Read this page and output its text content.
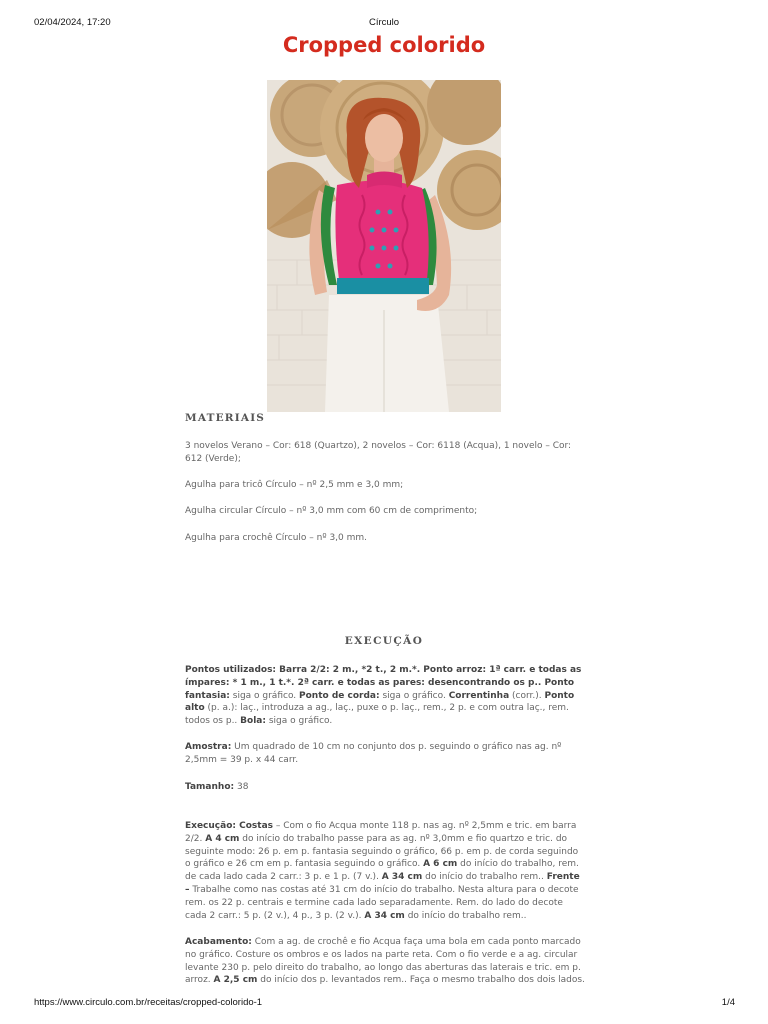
02/04/2024, 17:20	Círculo
Cropped colorido
MATERIAIS

3 novelos Verano – Cor: 618 (Quartzo), 2 novelos – Cor: 6118 (Acqua), 1 novelo – Cor: 612 (Verde);

Agulha para tricô Círculo – nº 2,5 mm e 3,0 mm;

Agulha circular Círculo – nº 3,0 mm com 60 cm de comprimento;

Agulha para crochê Círculo – nº 3,0 mm.

EXECUÇÃO

Pontos utilizados: Barra 2/2: 2 m., *2 t., 2 m.*. Ponto arroz: 1ª carr. e todas as ímpares: * 1 m., 1 t.*. 2ª carr. e todas as pares: desencontrando os p.. Ponto fantasia: siga o gráfico. Ponto de corda: siga o gráfico. Correntinha (corr.). Ponto alto (p. a.): laç., introduza a ag., laç., puxe o p. laç., rem., 2 p. e com outra laç., rem. todos os p.. Bola: siga o gráfico.

Amostra: Um quadrado de 10 cm no conjunto dos p. seguindo o gráfico nas ag. nº 2,5mm = 39 p. x 44 carr.

Tamanho: 38

Execução: Costas – Com o fio Acqua monte 118 p. nas ag. nº 2,5mm e tric. em barra 2/2. A 4 cm do início do trabalho passe para as ag. nº 3,0mm e fio quartzo e tric. do seguinte modo: 26 p. em p. fantasia seguindo o gráfico, 66 p. em p. de corda seguindo o gráfico e 26 cm em p. fantasia seguindo o gráfico. A 6 cm do início do trabalho, rem. de cada lado cada 2 carr.: 3 p. e 1 p. (7 v.). A 34 cm do início do trabalho rem.. Frente – Trabalhe como nas costas até 31 cm do início do trabalho. Nesta altura para o decote rem. os 22 p. centrais e termine cada lado separadamente. Rem. do lado do decote cada 2 carr.: 5 p. (2 v.), 4 p., 3 p. (2 v.). A 34 cm do início do trabalho rem..

Acabamento: Com a ag. de crochê e fio Acqua faça uma bola em cada ponto marcado no gráfico. Costure os ombros e os lados na parte reta. Com o fio verde e a ag. circular levante 230 p. pelo direito do trabalho, ao longo das aberturas das laterais e tric. em p. arroz. A 2,5 cm do início dos p. levantados rem.. Faça o mesmo trabalho dos dois lados.

https://www.circulo.com.br/receitas/cropped-colorido-1	1/4
